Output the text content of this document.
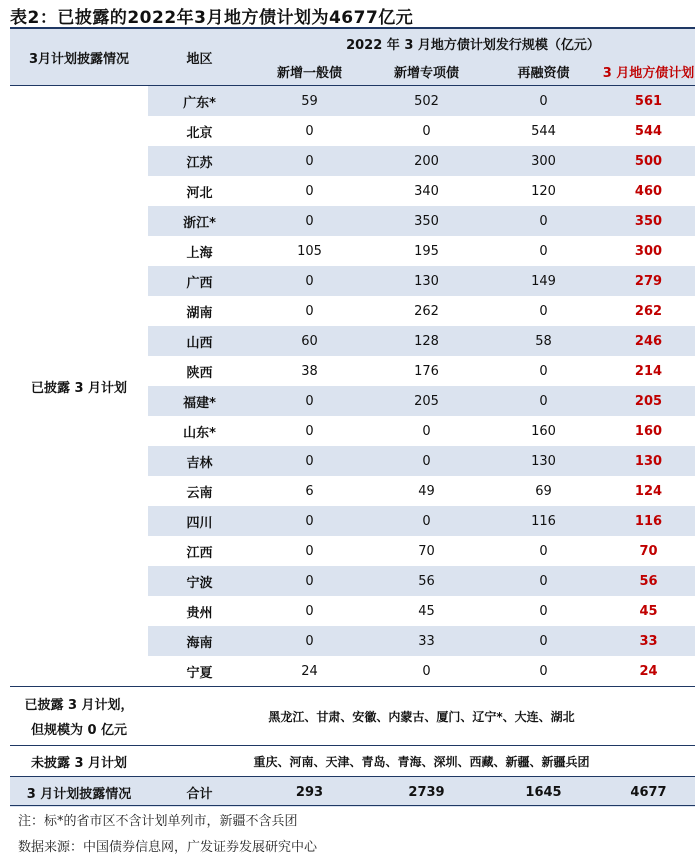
表2：已披露的2022年3月地方债计划为4677亿元
3月计划披露情况	地区	2022 年 3 月地方债计划发行规模（亿元）			
		新增一般债	新增专项债	再融资债	3 月地方债计划
已披露 3 月计划	广东*	59	502	0	561
	北京	0	0	544	544
	江苏	0	200	300	500
	河北	0	340	120	460
	浙江*	0	350	0	350
	上海	105	195	0	300
	广西	0	130	149	279
	湖南	0	262	0	262
	山西	60	128	58	246
	陕西	38	176	0	214
	福建*	0	205	0	205
	山东*	0	0	160	160
	吉林	0	0	130	130
	云南	6	49	69	124
	四川	0	0	116	116
	江西	0	70	0	70
	宁波	0	56	0	56
	贵州	0	45	0	45
	海南	0	33	0	33
	宁夏	24	0	0	24

已披露 3 月计划，
但规模为 0 亿元	黑龙江、甘肃、安徽、内蒙古、厦门、辽宁*、大连、湖北				
未披露 3 月计划	重庆、河南、天津、青岛、青海、深圳、西藏、新疆、新疆兵团				
3 月计划披露情况	合计	293	2739	1645	4677
注：标*的省市区不含计划单列市，新疆不含兵团
数据来源：中国债券信息网，广发证券发展研究中心
